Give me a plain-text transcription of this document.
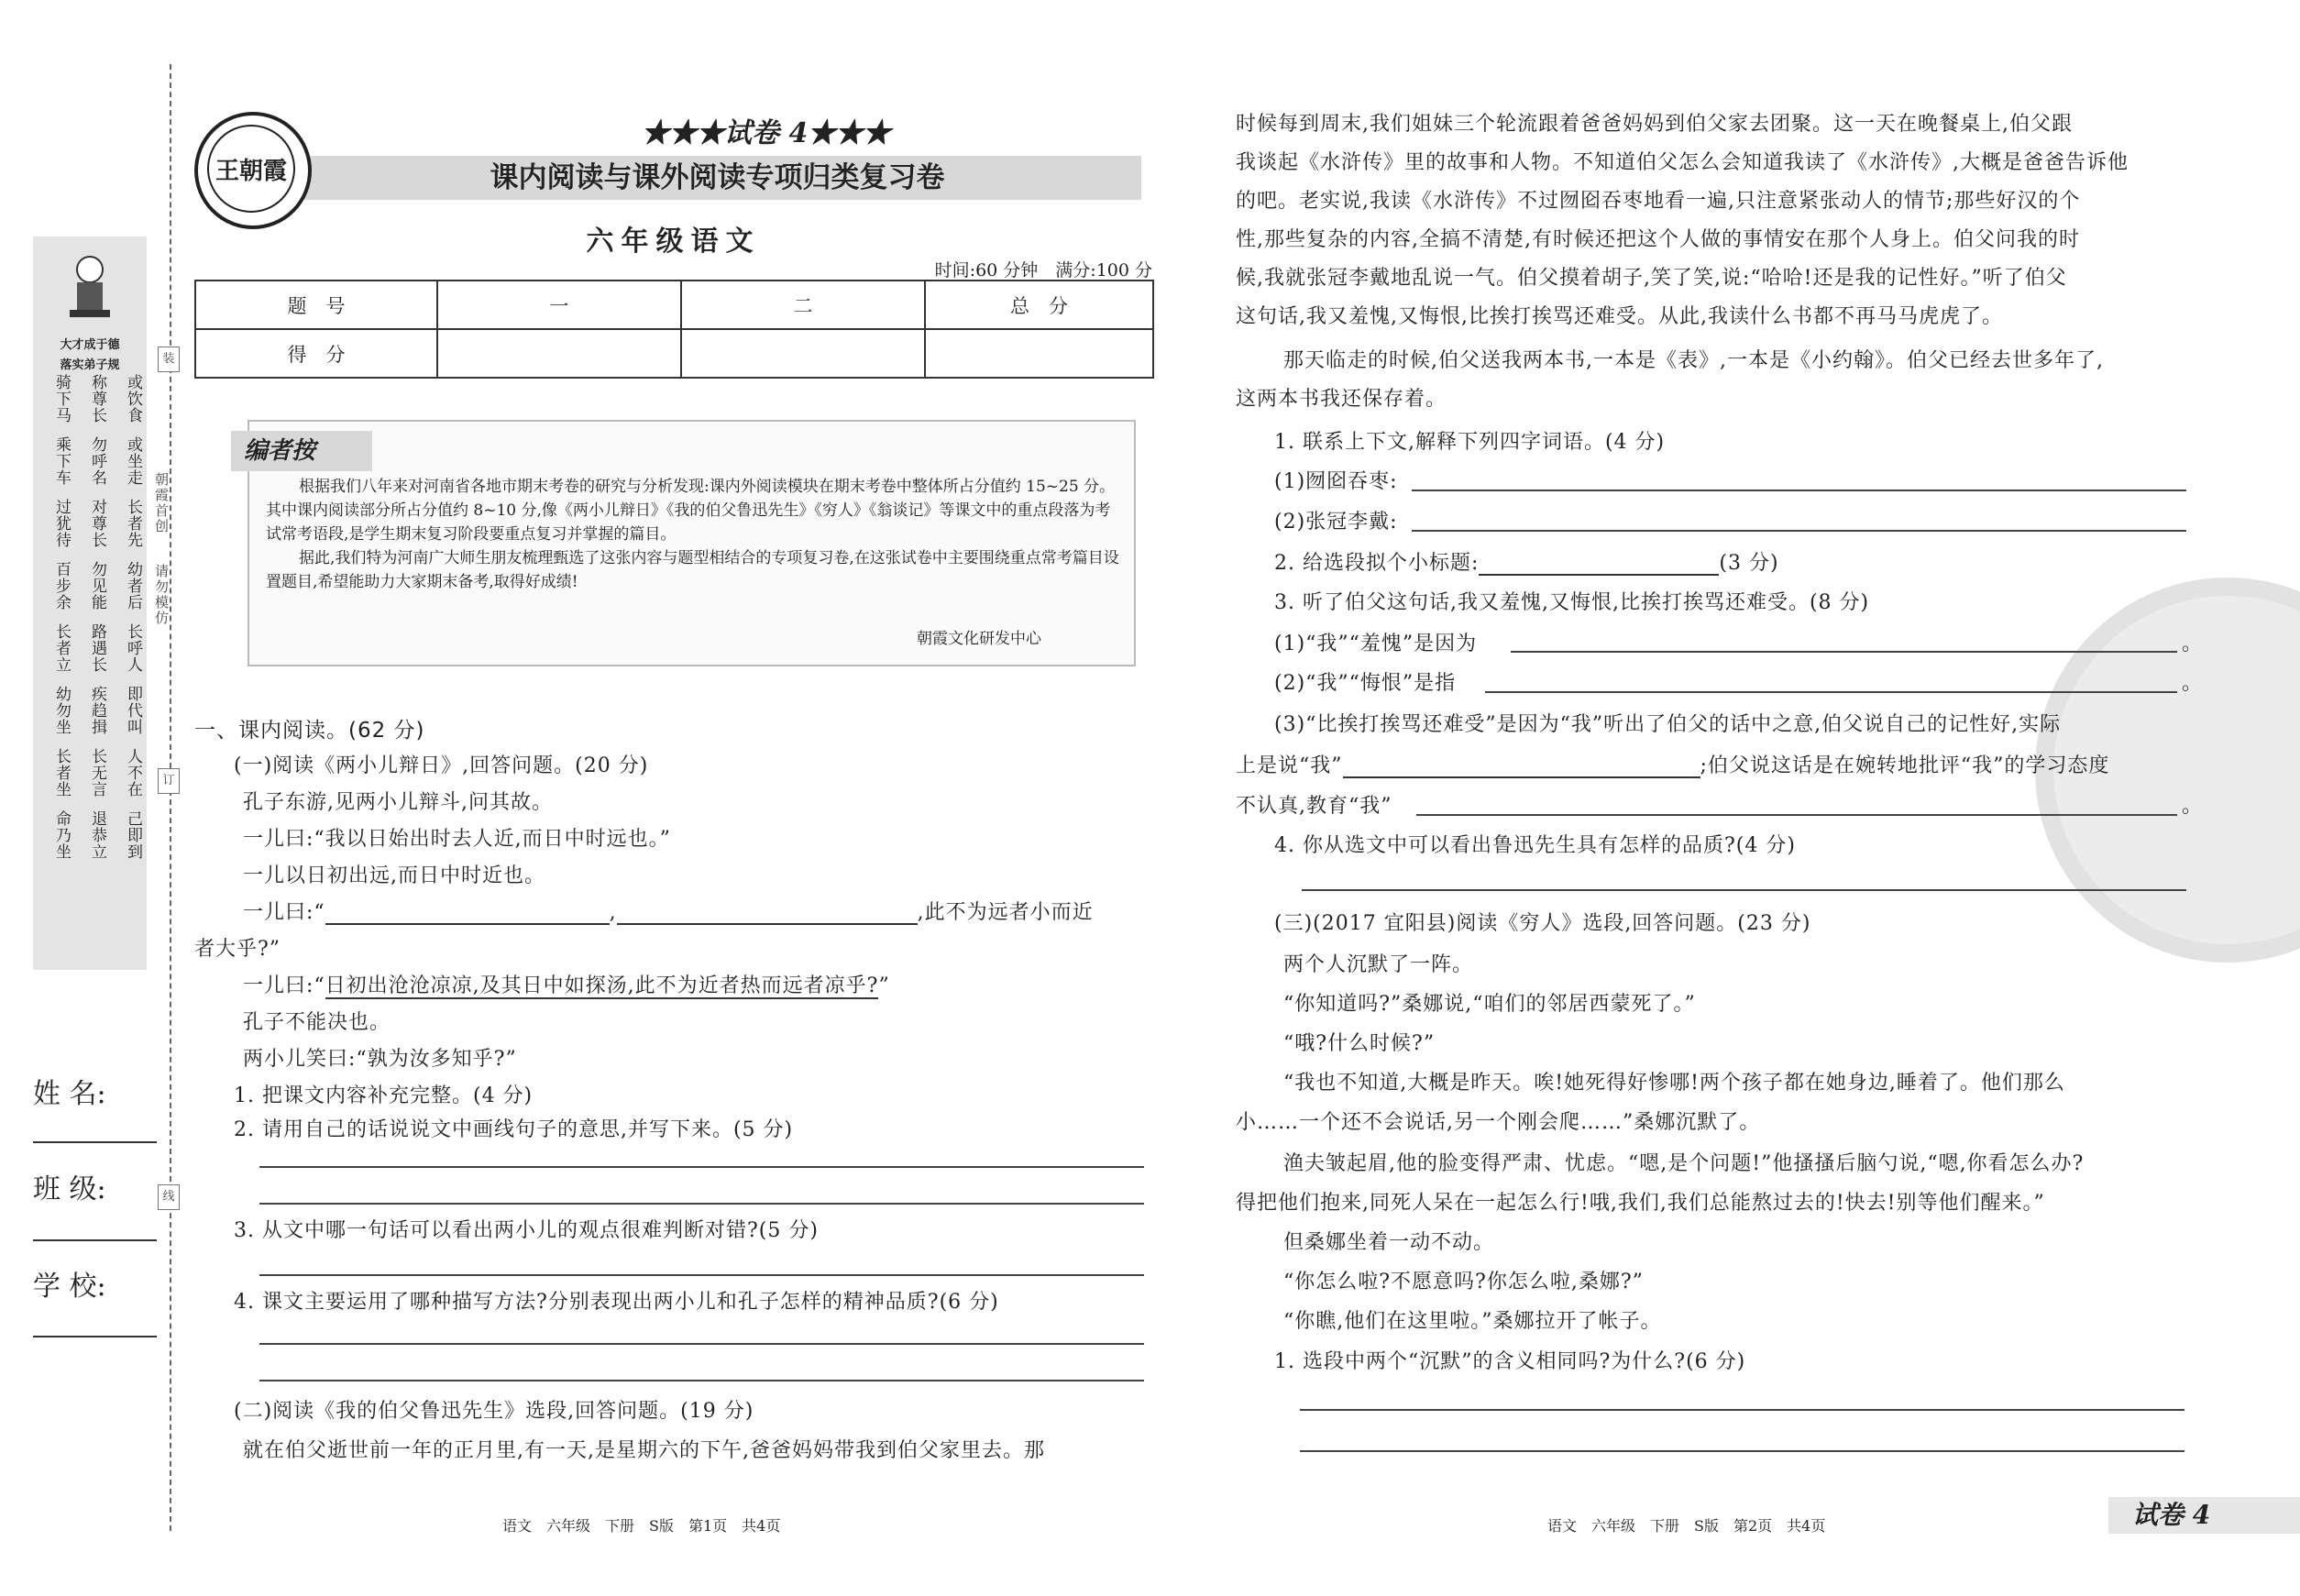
大才成于德
落实弟子规
骑下马 称尊长 或饮食
乘下车 勿呼名 或坐走
过犹待 对尊长 长者先
百步余 勿见能 幼者后
长者立 路遇长 长呼人
幼勿坐 疾趋揖 即代叫
长者坐 长无言 人不在
命乃坐 退恭立 己即到
装
订
线
朝霞首创
请勿模仿
姓 名:
班 级:
学 校:
王朝霞
★★★试卷 4★★★
课内阅读与课外阅读专项归类复习卷
六年级语文
时间:60 分钟　满分:100 分
题　号	一	二	总　分
得　分			
编者按

根据我们八年来对河南省各地市期末考卷的研究与分析发现:课内外阅读模块在期末考卷中整体所占分值约 15~25 分。其中课内阅读部分所占分值约 8~10 分,像《两小儿辩日》《我的伯父鲁迅先生》《穷人》《翁谈记》等课文中的重点段落为考试常考语段,是学生期末复习阶段要重点复习并掌握的篇目。

据此,我们特为河南广大师生朋友梳理甄选了这张内容与题型相结合的专项复习卷,在这张试卷中主要围绕重点常考篇目设置题目,希望能助力大家期末备考,取得好成绩!

朝霞文化研发中心
一、课内阅读。(62 分)
(一)阅读《两小儿辩日》,回答问题。(20 分)
孔子东游,见两小儿辩斗,问其故。
一儿曰:“我以日始出时去人近,而日中时远也。”
一儿以日初出远,而日中时近也。
一儿曰:“	,	,此不为远者小而近
者大乎?”
一儿曰:“日初出沧沧凉凉,及其日中如探汤,此不为近者热而远者凉乎?”
孔子不能决也。
两小儿笑曰:“孰为汝多知乎?”
1. 把课文内容补充完整。(4 分)
2. 请用自己的话说说文中画线句子的意思,并写下来。(5 分)
3. 从文中哪一句话可以看出两小儿的观点很难判断对错?(5 分)
4. 课文主要运用了哪种描写方法?分别表现出两小儿和孔子怎样的精神品质?(6 分)
(二)阅读《我的伯父鲁迅先生》选段,回答问题。(19 分)
就在伯父逝世前一年的正月里,有一天,是星期六的下午,爸爸妈妈带我到伯父家里去。那
语文　六年级　下册　S版　第1页　共4页
时候每到周末,我们姐妹三个轮流跟着爸爸妈妈到伯父家去团聚。这一天在晚餐桌上,伯父跟
我谈起《水浒传》里的故事和人物。不知道伯父怎么会知道我读了《水浒传》,大概是爸爸告诉他
的吧。老实说,我读《水浒传》不过囫囵吞枣地看一遍,只注意紧张动人的情节;那些好汉的个
性,那些复杂的内容,全搞不清楚,有时候还把这个人做的事情安在那个人身上。伯父问我的时
候,我就张冠李戴地乱说一气。伯父摸着胡子,笑了笑,说:“哈哈!还是我的记性好。”听了伯父
这句话,我又羞愧,又悔恨,比挨打挨骂还难受。从此,我读什么书都不再马马虎虎了。
那天临走的时候,伯父送我两本书,一本是《表》,一本是《小约翰》。伯父已经去世多年了,
这两本书我还保存着。
1. 联系上下文,解释下列四字词语。(4 分)
(1)囫囵吞枣:
(2)张冠李戴:
2. 给选段拟个小标题:	(3 分)
3. 听了伯父这句话,我又羞愧,又悔恨,比挨打挨骂还难受。(8 分)
(1)“我”“羞愧”是因为	。
(2)“我”“悔恨”是指	。
(3)“比挨打挨骂还难受”是因为“我”听出了伯父的话中之意,伯父说自己的记性好,实际
上是说“我”	;伯父说这话是在婉转地批评“我”的学习态度
不认真,教育“我”	。
4. 你从选文中可以看出鲁迅先生具有怎样的品质?(4 分)
(三)(2017 宜阳县)阅读《穷人》选段,回答问题。(23 分)
两个人沉默了一阵。
“你知道吗?”桑娜说,“咱们的邻居西蒙死了。”
“哦?什么时候?”
“我也不知道,大概是昨天。唉!她死得好惨哪!两个孩子都在她身边,睡着了。他们那么
小……一个还不会说话,另一个刚会爬……”桑娜沉默了。
渔夫皱起眉,他的脸变得严肃、忧虑。“嗯,是个问题!”他搔搔后脑勺说,“嗯,你看怎么办?
得把他们抱来,同死人呆在一起怎么行!哦,我们,我们总能熬过去的!快去!别等他们醒来。”
但桑娜坐着一动不动。
“你怎么啦?不愿意吗?你怎么啦,桑娜?”
“你瞧,他们在这里啦。”桑娜拉开了帐子。
1. 选段中两个“沉默”的含义相同吗?为什么?(6 分)
语文　六年级　下册　S版　第2页　共4页	试卷 4
